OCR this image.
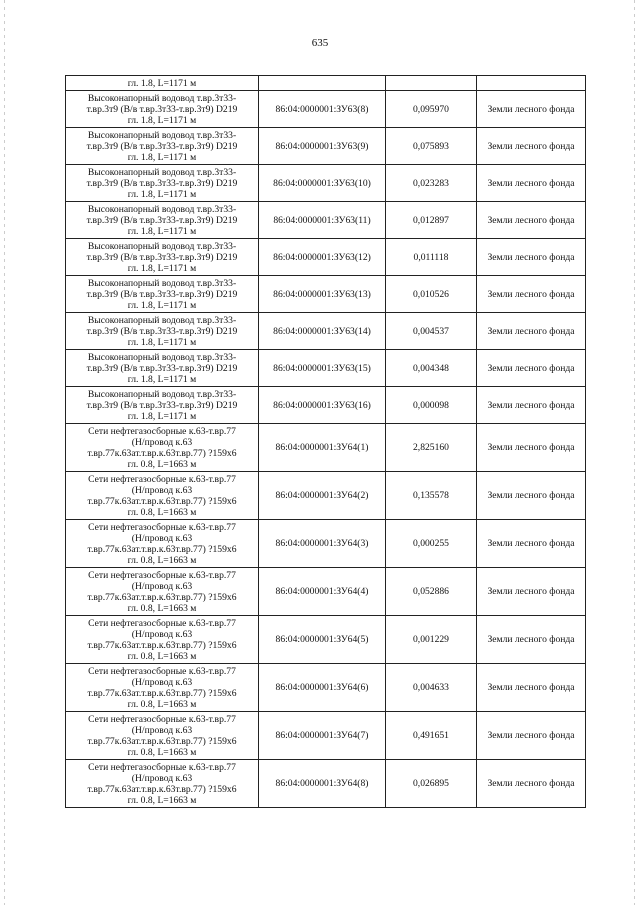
635
гл. 1.8, L=1171 м			

Высоконапорный водовод т.вр.3т33-
т.вр.3т9 (В/в т.вр.3т33-т.вр.3т9) D219
гл. 1.8, L=1171 м	86:04:0000001:ЗУ63(8)	0,095970	Земли лесного фонда

Высоконапорный водовод т.вр.3т33-
т.вр.3т9 (В/в т.вр.3т33-т.вр.3т9) D219
гл. 1.8, L=1171 м	86:04:0000001:ЗУ63(9)	0,075893	Земли лесного фонда

Высоконапорный водовод т.вр.3т33-
т.вр.3т9 (В/в т.вр.3т33-т.вр.3т9) D219
гл. 1.8, L=1171 м	86:04:0000001:ЗУ63(10)	0,023283	Земли лесного фонда

Высоконапорный водовод т.вр.3т33-
т.вр.3т9 (В/в т.вр.3т33-т.вр.3т9) D219
гл. 1.8, L=1171 м	86:04:0000001:ЗУ63(11)	0,012897	Земли лесного фонда

Высоконапорный водовод т.вр.3т33-
т.вр.3т9 (В/в т.вр.3т33-т.вр.3т9) D219
гл. 1.8, L=1171 м	86:04:0000001:ЗУ63(12)	0,011118	Земли лесного фонда

Высоконапорный водовод т.вр.3т33-
т.вр.3т9 (В/в т.вр.3т33-т.вр.3т9) D219
гл. 1.8, L=1171 м	86:04:0000001:ЗУ63(13)	0,010526	Земли лесного фонда

Высоконапорный водовод т.вр.3т33-
т.вр.3т9 (В/в т.вр.3т33-т.вр.3т9) D219
гл. 1.8, L=1171 м	86:04:0000001:ЗУ63(14)	0,004537	Земли лесного фонда

Высоконапорный водовод т.вр.3т33-
т.вр.3т9 (В/в т.вр.3т33-т.вр.3т9) D219
гл. 1.8, L=1171 м	86:04:0000001:ЗУ63(15)	0,004348	Земли лесного фонда

Высоконапорный водовод т.вр.3т33-
т.вр.3т9 (В/в т.вр.3т33-т.вр.3т9) D219
гл. 1.8, L=1171 м	86:04:0000001:ЗУ63(16)	0,000098	Земли лесного фонда

Сети нефтегазосборные к.63-т.вр.77
(Н/провод к.63
т.вр.77к.63ат.т.вр.к.63т.вр.77) ?159х6
гл. 0.8, L=1663 м	86:04:0000001:ЗУ64(1)	2,825160	Земли лесного фонда

Сети нефтегазосборные к.63-т.вр.77
(Н/провод к.63
т.вр.77к.63ат.т.вр.к.63т.вр.77) ?159х6
гл. 0.8, L=1663 м	86:04:0000001:ЗУ64(2)	0,135578	Земли лесного фонда

Сети нефтегазосборные к.63-т.вр.77
(Н/провод к.63
т.вр.77к.63ат.т.вр.к.63т.вр.77) ?159х6
гл. 0.8, L=1663 м	86:04:0000001:ЗУ64(3)	0,000255	Земли лесного фонда

Сети нефтегазосборные к.63-т.вр.77
(Н/провод к.63
т.вр.77к.63ат.т.вр.к.63т.вр.77) ?159х6
гл. 0.8, L=1663 м	86:04:0000001:ЗУ64(4)	0,052886	Земли лесного фонда

Сети нефтегазосборные к.63-т.вр.77
(Н/провод к.63
т.вр.77к.63ат.т.вр.к.63т.вр.77) ?159х6
гл. 0.8, L=1663 м	86:04:0000001:ЗУ64(5)	0,001229	Земли лесного фонда

Сети нефтегазосборные к.63-т.вр.77
(Н/провод к.63
т.вр.77к.63ат.т.вр.к.63т.вр.77) ?159х6
гл. 0.8, L=1663 м	86:04:0000001:ЗУ64(6)	0,004633	Земли лесного фонда

Сети нефтегазосборные к.63-т.вр.77
(Н/провод к.63
т.вр.77к.63ат.т.вр.к.63т.вр.77) ?159х6
гл. 0.8, L=1663 м	86:04:0000001:ЗУ64(7)	0,491651	Земли лесного фонда

Сети нефтегазосборные к.63-т.вр.77
(Н/провод к.63
т.вр.77к.63ат.т.вр.к.63т.вр.77) ?159х6
гл. 0.8, L=1663 м	86:04:0000001:ЗУ64(8)	0,026895	Земли лесного фонда
